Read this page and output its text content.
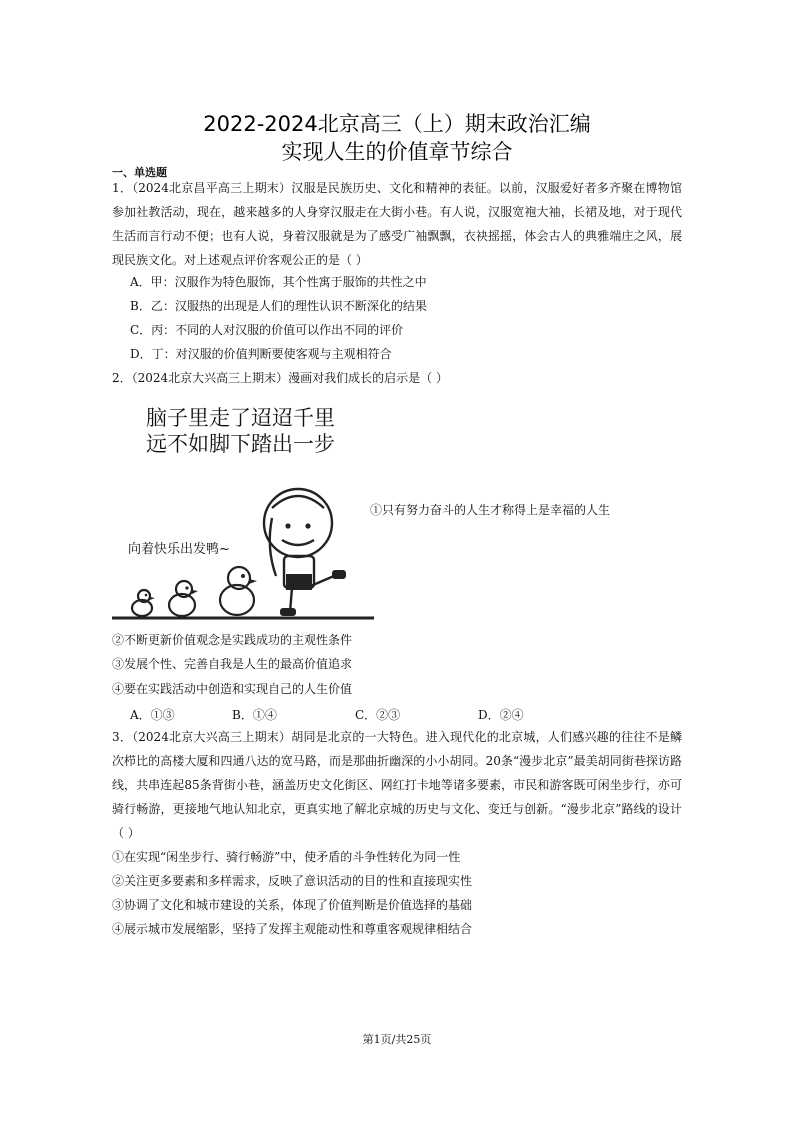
2022-2024北京高三（上）期末政治汇编
实现人生的价值章节综合
一、单选题
1．（2024北京昌平高三上期末）汉服是民族历史、文化和精神的表征。以前，汉服爱好者多齐聚在博物馆参加社教活动，现在，越来越多的人身穿汉服走在大街小巷。有人说，汉服宽袍大袖，长裙及地，对于现代生活而言行动不便；也有人说，身着汉服就是为了感受广袖飘飘，衣袂摇摇，体会古人的典雅端庄之风，展现民族文化。对上述观点评价客观公正的是（ ）
A．甲：汉服作为特色服饰，其个性寓于服饰的共性之中
B．乙：汉服热的出现是人们的理性认识不断深化的结果
C．丙：不同的人对汉服的价值可以作出不同的评价
D．丁：对汉服的价值判断要使客观与主观相符合
2．（2024北京大兴高三上期末）漫画对我们成长的启示是（ ）
脑子里走了迢迢千里
远不如脚下踏出一步
向着快乐出发鸭~
①只有努力奋斗的人生才称得上是幸福的人生
②不断更新价值观念是实践成功的主观性条件
③发展个性、完善自我是人生的最高价值追求
④要在实践活动中创造和实现自己的人生价值
A．①③	B．①④	C．②③	D．②④
3．（2024北京大兴高三上期末）胡同是北京的一大特色。进入现代化的北京城，人们感兴趣的往往不是鳞次栉比的高楼大厦和四通八达的宽马路，而是那曲折幽深的小小胡同。20条“漫步北京”最美胡同街巷探访路线，共串连起85条背街小巷，涵盖历史文化街区、网红打卡地等诸多要素，市民和游客既可闲坐步行，亦可骑行畅游，更接地气地认知北京，更真实地了解北京城的历史与文化、变迁与创新。“漫步北京”路线的设计（ ）
①在实现“闲坐步行、骑行畅游”中，使矛盾的斗争性转化为同一性
②关注更多要素和多样需求，反映了意识活动的目的性和直接现实性
③协调了文化和城市建设的关系，体现了价值判断是价值选择的基础
④展示城市发展缩影，坚持了发挥主观能动性和尊重客观规律相结合
第1页/共25页
